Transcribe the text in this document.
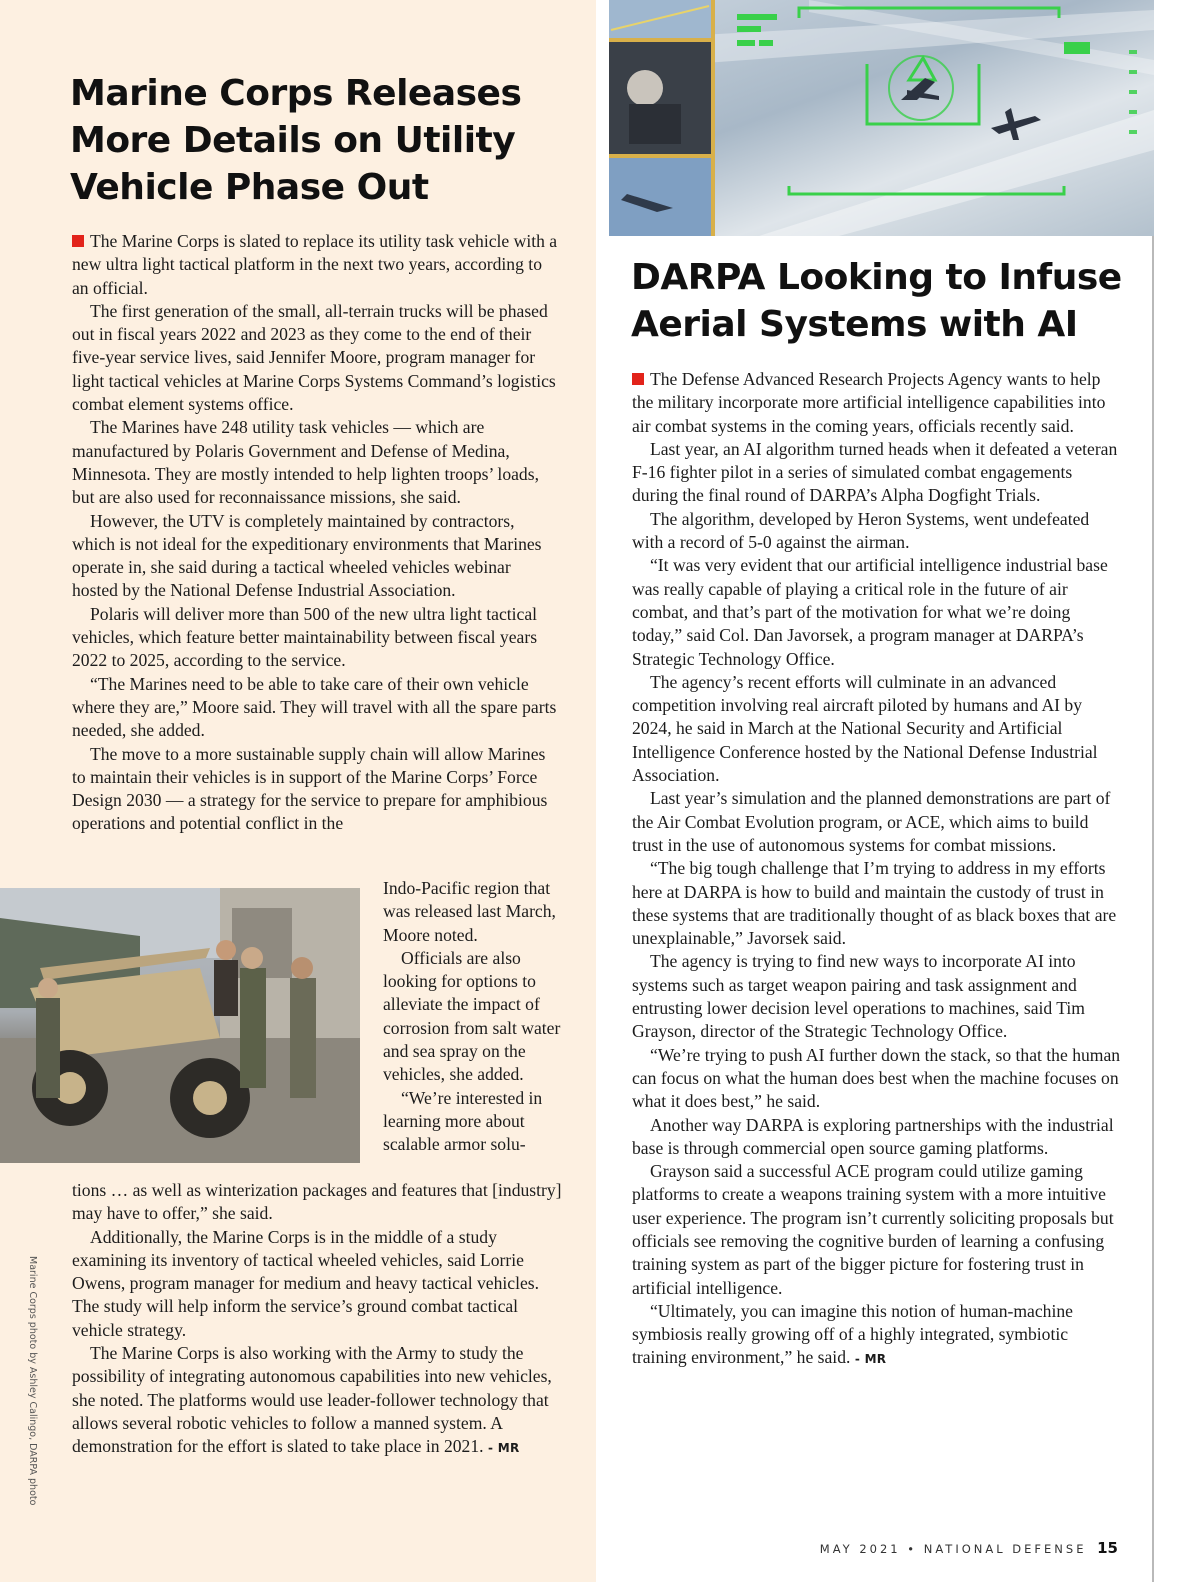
Marine Corps Releases More Details on Utility Vehicle Phase Out

The Marine Corps is slated to replace its utility task vehicle with a new ultra light tactical platform in the next two years, according to an official.

The first generation of the small, all-terrain trucks will be phased out in fiscal years 2022 and 2023 as they come to the end of their five-year service lives, said Jennifer Moore, program manager for light tactical vehicles at Marine Corps Systems Command’s logistics combat element systems office.

The Marines have 248 utility task vehicles — which are manufactured by Polaris Government and Defense of Medina, Minnesota. They are mostly intended to help lighten troops’ loads, but are also used for reconnaissance missions, she said.

However, the UTV is completely maintained by contractors, which is not ideal for the expeditionary environments that Marines operate in, she said during a tactical wheeled vehicles webinar hosted by the National Defense Industrial Association.

Polaris will deliver more than 500 of the new ultra light tactical vehicles, which feature better maintainability between fiscal years 2022 to 2025, according to the service.

“The Marines need to be able to take care of their own vehicle where they are,” Moore said. They will travel with all the spare parts needed, she added.

The move to a more sustainable supply chain will allow Marines to maintain their vehicles is in support of the Marine Corps’ Force Design 2030 — a strategy for the service to prepare for amphibious operations and potential conflict in the

Indo-Pacific region that was released last March, Moore noted.

Officials are also looking for options to alleviate the impact of corrosion from salt water and sea spray on the vehicles, she added.

“We’re interested in learning more about scalable armor solu-

tions … as well as winterization packages and features that [industry] may have to offer,” she said.

Additionally, the Marine Corps is in the middle of a study examining its inventory of tactical wheeled vehicles, said Lorrie Owens, program manager for medium and heavy tactical vehicles. The study will help inform the service’s ground combat tactical vehicle strategy.

The Marine Corps is also working with the Army to study the possibility of integrating autonomous capabilities into new vehicles, she noted. The platforms would use leader-follower technology that allows several robotic vehicles to follow a manned system. A demonstration for the effort is slated to take place in 2021. - MR

Marine Corps photo by Ashley Calingo, DARPA photo
DARPA Looking to Infuse Aerial Systems with AI

The Defense Advanced Research Projects Agency wants to help the military incorporate more artificial intelligence capabilities into air combat systems in the coming years, officials recently said.

Last year, an AI algorithm turned heads when it defeated a veteran F-16 fighter pilot in a series of simulated combat engagements during the final round of DARPA’s Alpha Dogfight Trials.

The algorithm, developed by Heron Systems, went undefeated with a record of 5-0 against the airman.

“It was very evident that our artificial intelligence industrial base was really capable of playing a critical role in the future of air combat, and that’s part of the motivation for what we’re doing today,” said Col. Dan Javorsek, a program manager at DARPA’s Strategic Technology Office.

The agency’s recent efforts will culminate in an advanced competition involving real aircraft piloted by humans and AI by 2024, he said in March at the National Security and Artificial Intelligence Conference hosted by the National Defense Industrial Association.

Last year’s simulation and the planned demonstrations are part of the Air Combat Evolution program, or ACE, which aims to build trust in the use of autonomous systems for combat missions.

“The big tough challenge that I’m trying to address in my efforts here at DARPA is how to build and maintain the custody of trust in these systems that are traditionally thought of as black boxes that are unexplainable,” Javorsek said.

The agency is trying to find new ways to incorporate AI into systems such as target weapon pairing and task assignment and entrusting lower decision level operations to machines, said Tim Grayson, director of the Strategic Technology Office.

“We’re trying to push AI further down the stack, so that the human can focus on what the human does best when the machine focuses on what it does best,” he said.

Another way DARPA is exploring partnerships with the industrial base is through commercial open source gaming platforms.

Grayson said a successful ACE program could utilize gaming platforms to create a weapons training system with a more intuitive user experience. The program isn’t currently soliciting proposals but officials see removing the cognitive burden of learning a confusing training system as part of the bigger picture for fostering trust in artificial intelligence.

“Ultimately, you can imagine this notion of human-machine symbiosis really growing off of a highly integrated, symbiotic training environment,” he said. - MR

MAY 2021 • NATIONAL DEFENSE 15
